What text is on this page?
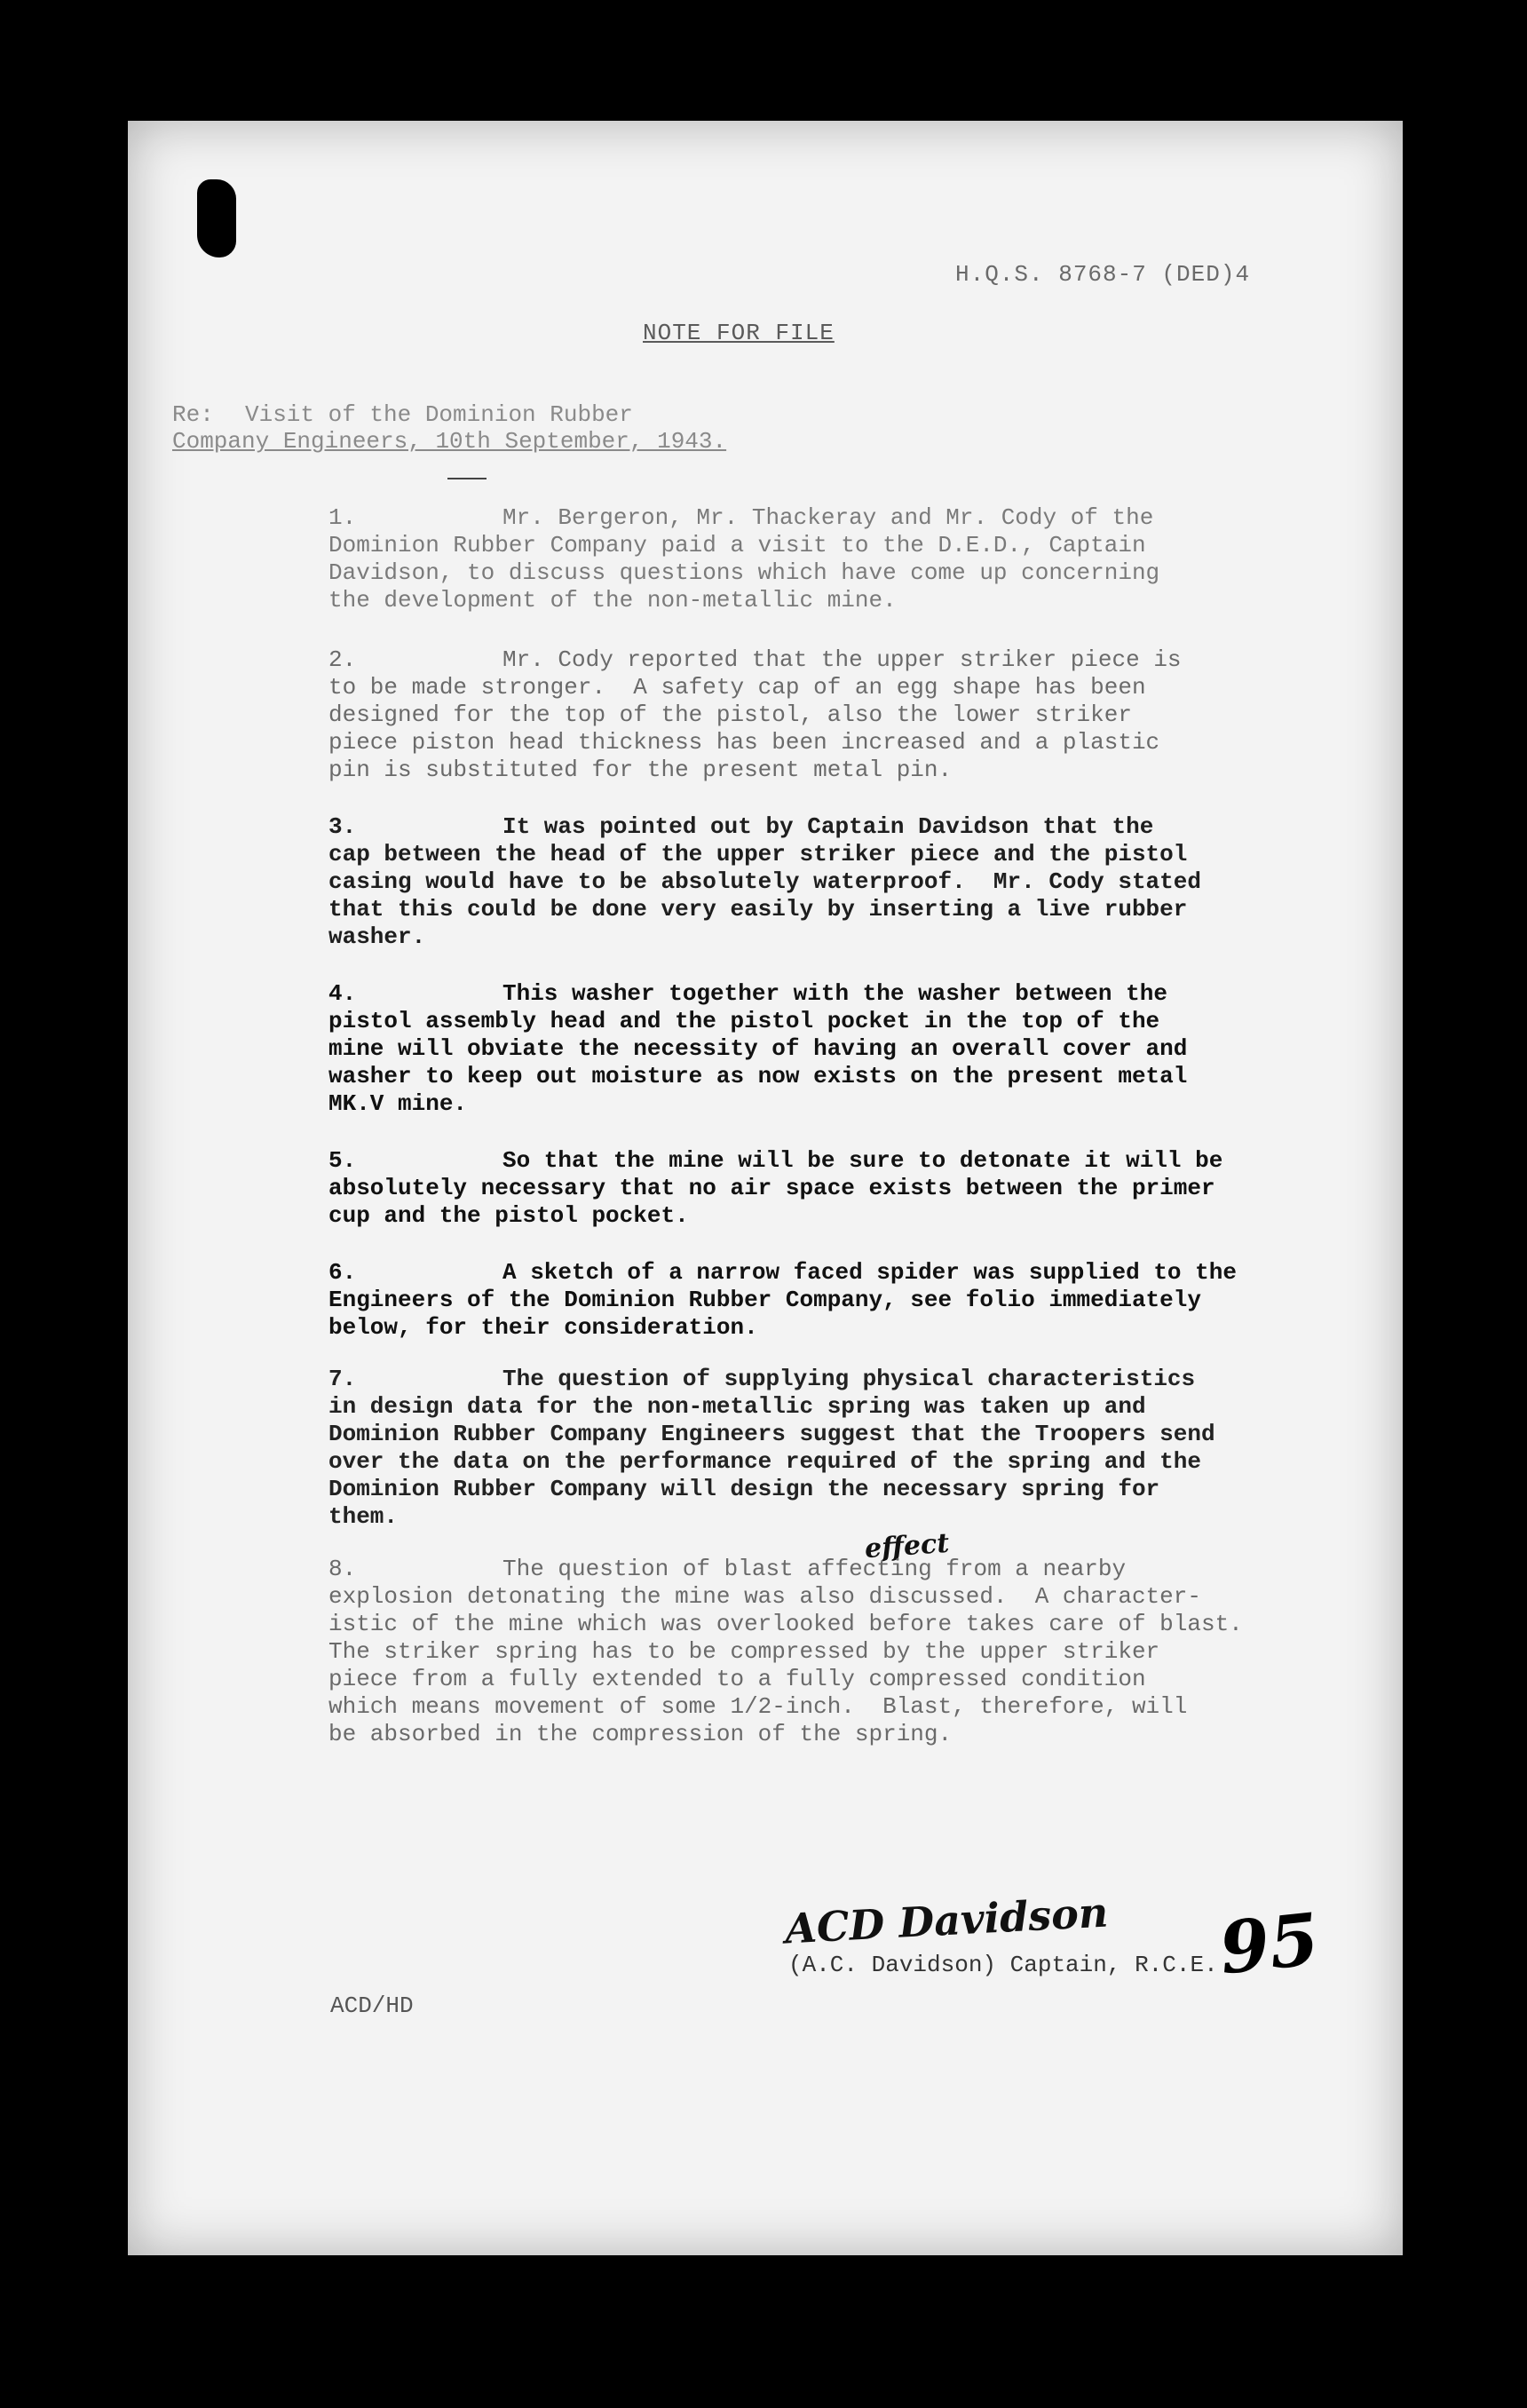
H.Q.S. 8768-7 (DED)4
NOTE FOR FILE
Re: Visit of the Dominion Rubber
Company Engineers, 10th September, 1943.
1.	Mr. Bergeron, Mr. Thackeray and Mr. Cody of the
Dominion Rubber Company paid a visit to the D.E.D., Captain
Davidson, to discuss questions which have come up concerning
the development of the non-metallic mine.
2.	Mr. Cody reported that the upper striker piece is
to be made stronger.  A safety cap of an egg shape has been
designed for the top of the pistol, also the lower striker
piece piston head thickness has been increased and a plastic
pin is substituted for the present metal pin.
3.	It was pointed out by Captain Davidson that the
cap between the head of the upper striker piece and the pistol
casing would have to be absolutely waterproof.  Mr. Cody stated
that this could be done very easily by inserting a live rubber
washer.
4.	This washer together with the washer between the
pistol assembly head and the pistol pocket in the top of the
mine will obviate the necessity of having an overall cover and
washer to keep out moisture as now exists on the present metal
MK.V mine.
5.	So that the mine will be sure to detonate it will be
absolutely necessary that no air space exists between the primer
cup and the pistol pocket.
6.	A sketch of a narrow faced spider was supplied to the
Engineers of the Dominion Rubber Company, see folio immediately
below, for their consideration.
7.	The question of supplying physical characteristics
in design data for the non-metallic spring was taken up and
Dominion Rubber Company Engineers suggest that the Troopers send
over the data on the performance required of the spring and the
Dominion Rubber Company will design the necessary spring for
them.
effect
8.	The question of blast affecting from a nearby
explosion detonating the mine was also discussed.  A character-
istic of the mine which was overlooked before takes care of blast.
The striker spring has to be compressed by the upper striker
piece from a fully extended to a fully compressed condition
which means movement of some 1/2-inch.  Blast, therefore, will
be absorbed in the compression of the spring.
ACD Davidson
(A.C. Davidson) Captain, R.C.E.
95
ACD/HD
